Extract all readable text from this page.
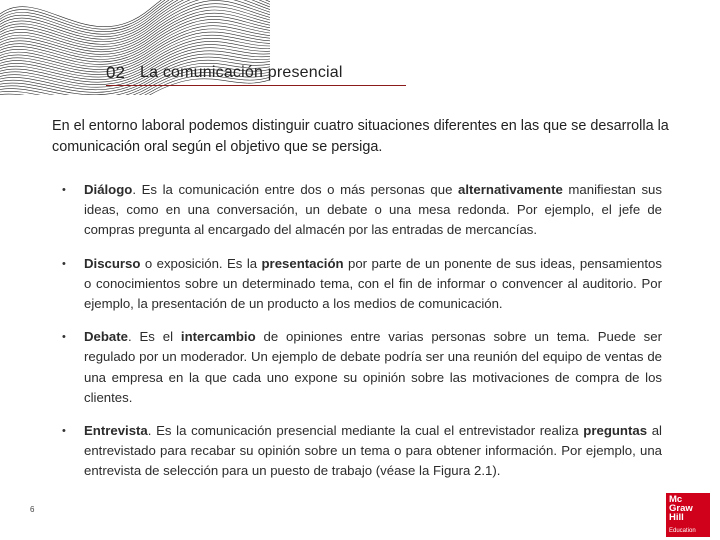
02 La comunicación presencial

En el entorno laboral podemos distinguir cuatro situaciones diferentes en las que se desarrolla la comunicación oral según el objetivo que se persiga.

• Diálogo. Es la comunicación entre dos o más personas que alternativamente manifiestan sus ideas, como en una conversación, un debate o una mesa redonda. Por ejemplo, el jefe de compras pregunta al encargado del almacén por las entradas de mercancías.
• Discurso o exposición. Es la presentación por parte de un ponente de sus ideas, pensamientos o conocimientos sobre un determinado tema, con el fin de informar o convencer al auditorio. Por ejemplo, la presentación de un producto a los medios de comunicación.
• Debate. Es el intercambio de opiniones entre varias personas sobre un tema. Puede ser regulado por un moderador. Un ejemplo de debate podría ser una reunión del equipo de ventas de una empresa en la que cada uno expone su opinión sobre las motivaciones de compra de los clientes.
• Entrevista. Es la comunicación presencial mediante la cual el entrevistador realiza preguntas al entrevistado para recabar su opinión sobre un tema o para obtener información. Por ejemplo, una entrevista de selección para un puesto de trabajo (véase la Figura 2.1).
6
Mc
Graw
Hill
Education
